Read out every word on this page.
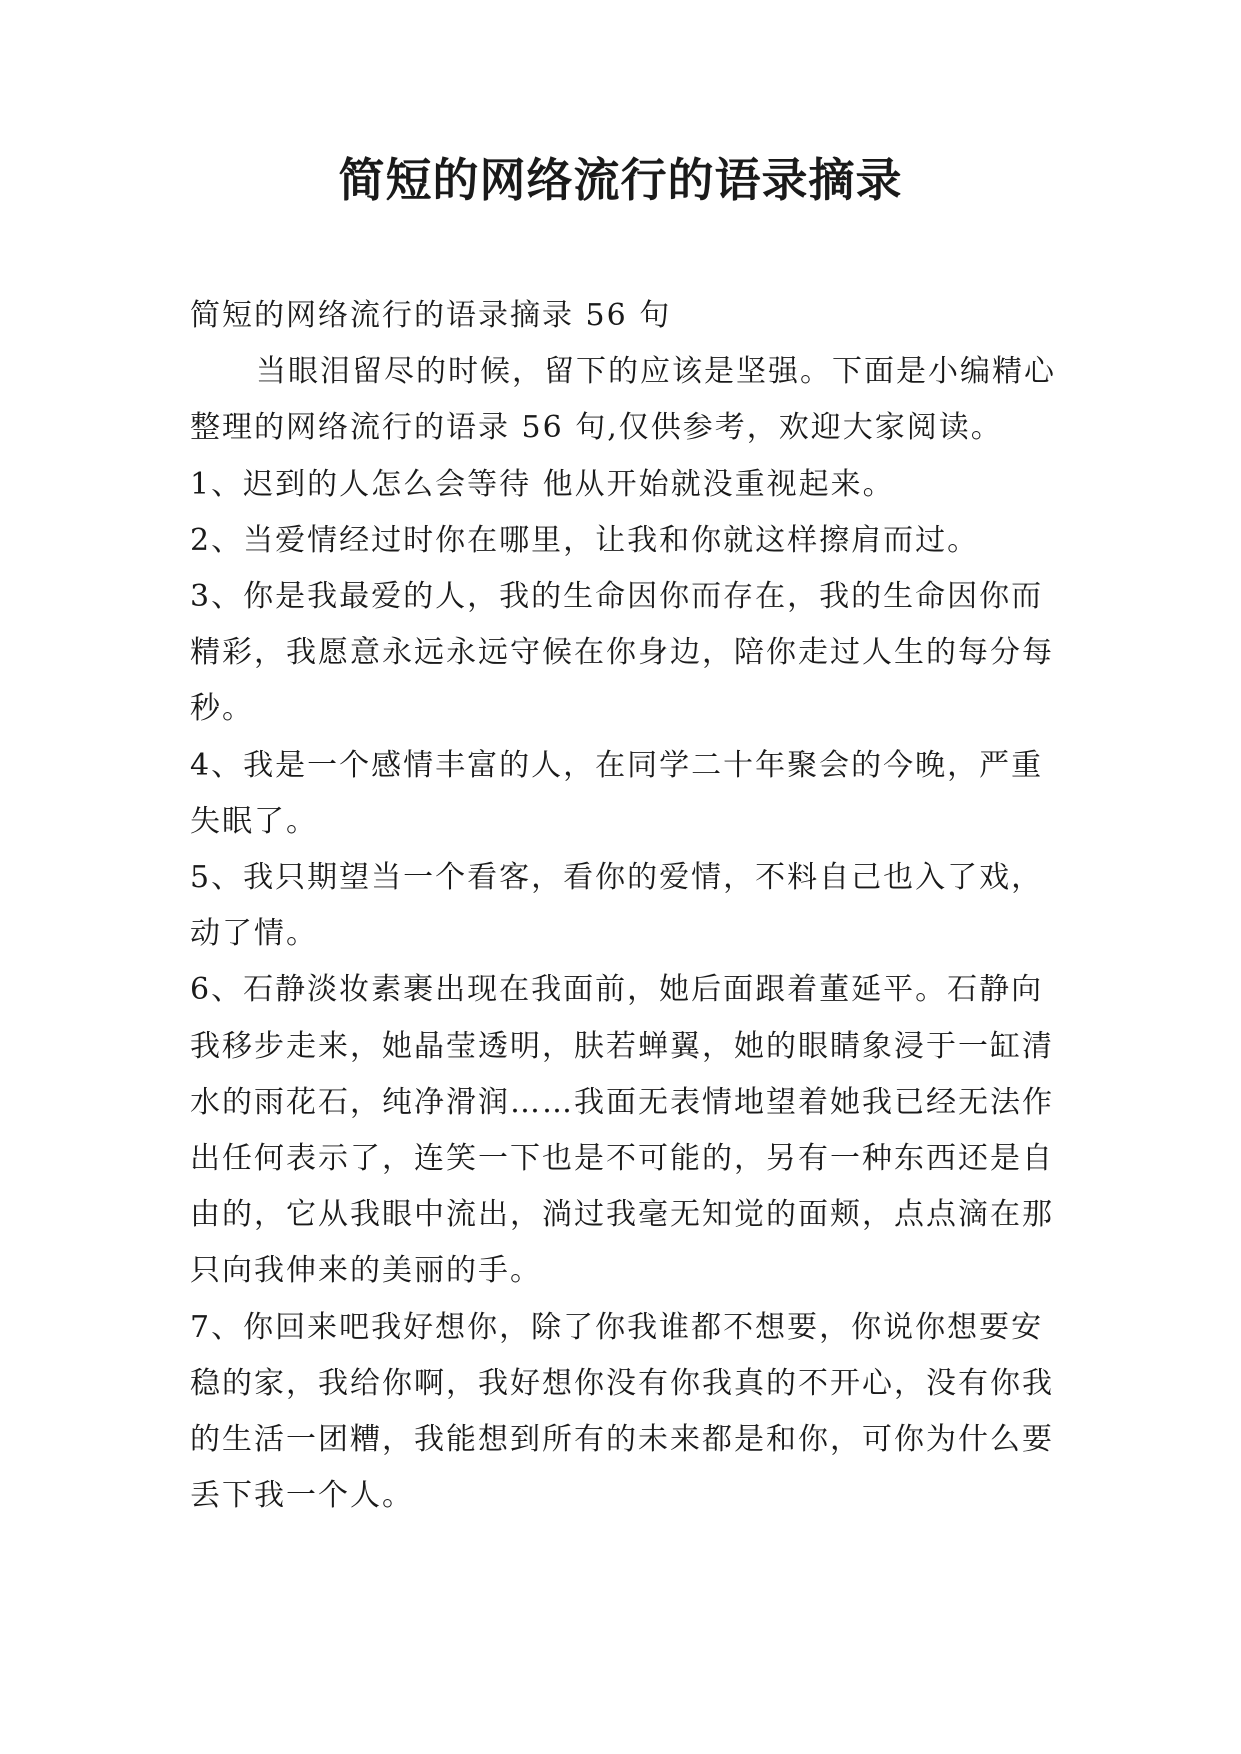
简短的网络流行的语录摘录

简短的网络流行的语录摘录 56 句

当眼泪留尽的时候，留下的应该是坚强。下面是小编精心整理的网络流行的语录 56 句,仅供参考，欢迎大家阅读。

1、迟到的人怎么会等待 他从开始就没重视起来。

2、当爱情经过时你在哪里，让我和你就这样擦肩而过。

3、你是我最爱的人，我的生命因你而存在，我的生命因你而精彩，我愿意永远永远守候在你身边，陪你走过人生的每分每秒。

4、我是一个感情丰富的人，在同学二十年聚会的今晚，严重失眠了。

5、我只期望当一个看客，看你的爱情，不料自己也入了戏，动了情。

6、石静淡妆素裹出现在我面前，她后面跟着董延平。石静向我移步走来，她晶莹透明，肤若蝉翼，她的眼睛象浸于一缸清水的雨花石，纯净滑润……我面无表情地望着她我已经无法作出任何表示了，连笑一下也是不可能的，另有一种东西还是自由的，它从我眼中流出，淌过我毫无知觉的面颊，点点滴在那只向我伸来的美丽的手。

7、你回来吧我好想你，除了你我谁都不想要，你说你想要安稳的家，我给你啊，我好想你没有你我真的不开心，没有你我的生活一团糟，我能想到所有的未来都是和你，可你为什么要丢下我一个人。
